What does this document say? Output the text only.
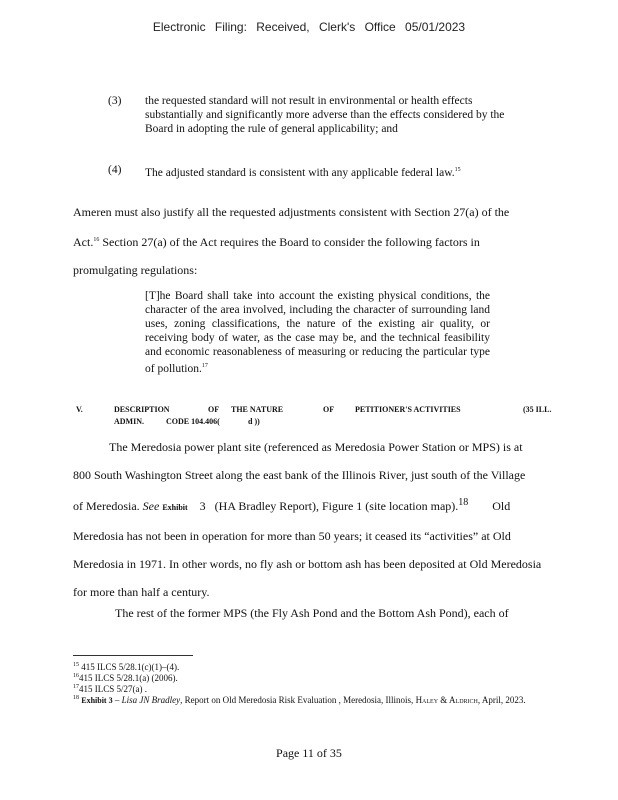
Electronic Filing: Received, Clerk's Office 05/01/2023
(3) the requested standard will not result in environmental or health effects substantially and significantly more adverse than the effects considered by the Board in adopting the rule of general applicability; and
(4) The adjusted standard is consistent with any applicable federal law.$^{15}$
Ameren must also justify all the requested adjustments consistent with Section 27(a) of the
Act.$^{16}$ Section 27(a) of the Act requires the Board to consider the following factors in
promulgating regulations:
[T]he Board shall take into account the existing physical conditions, the character of the area involved, including the character of surrounding land uses, zoning classifications, the nature of the existing air quality, or receiving body of water, as the case may be, and the technical feasibility and economic reasonableness of measuring or reducing the particular type of pollution.$^{17}$
V.	DESCRIPTION	OF THE NATURE	OF	PETITIONER'S ACTIVITIES	(35 ILL.
ADMIN.	CODE 104.406(	d ))
The Meredosia power plant site (referenced as Meredosia Power Station or MPS) is at
800 South Washington Street along the east bank of the Illinois River, just south of the Village
of Meredosia. See Exhibit 3 (HA Bradley Report), Figure 1 (site location map).$^{18}$ Old
Meredosia has not been in operation for more than 50 years; it ceased its “activities” at Old
Meredosia in 1971. In other words, no fly ash or bottom ash has been deposited at Old Meredosia
for more than half a century.
The rest of the former MPS (the Fly Ash Pond and the Bottom Ash Pond), each of
$^{15}$ 415 ILCS 5/28.1(c)(1)–(4).
$^{16}$415 ILCS 5/28.1(a) (2006).
$^{17}$415 ILCS 5/27(a) .
$^{18}$ Exhibit 3 – Lisa JN Bradley, Report on Old Meredosia Risk Evaluation , Meredosia, Illinois, Haley & Aldrich, April, 2023.
Page 11 of 35
